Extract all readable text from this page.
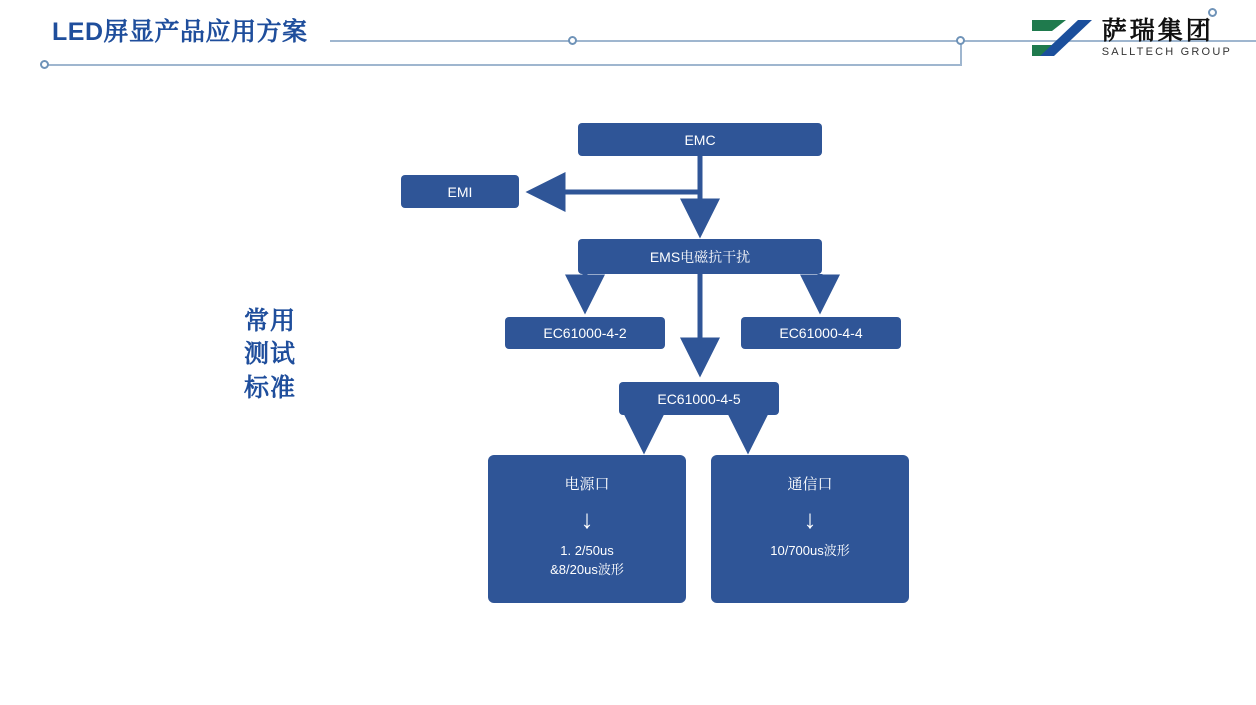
LED屏显产品应用方案	萨瑞集团
SALLTECH GROUP
常用
测试
标准
EMC
EMI
EMS电磁抗干扰
EC61000-4-2	EC61000-4-4
EC61000-4-5
电源口
↓
1. 2/50us
&8/20us波形
通信口
↓
10/700us波形
